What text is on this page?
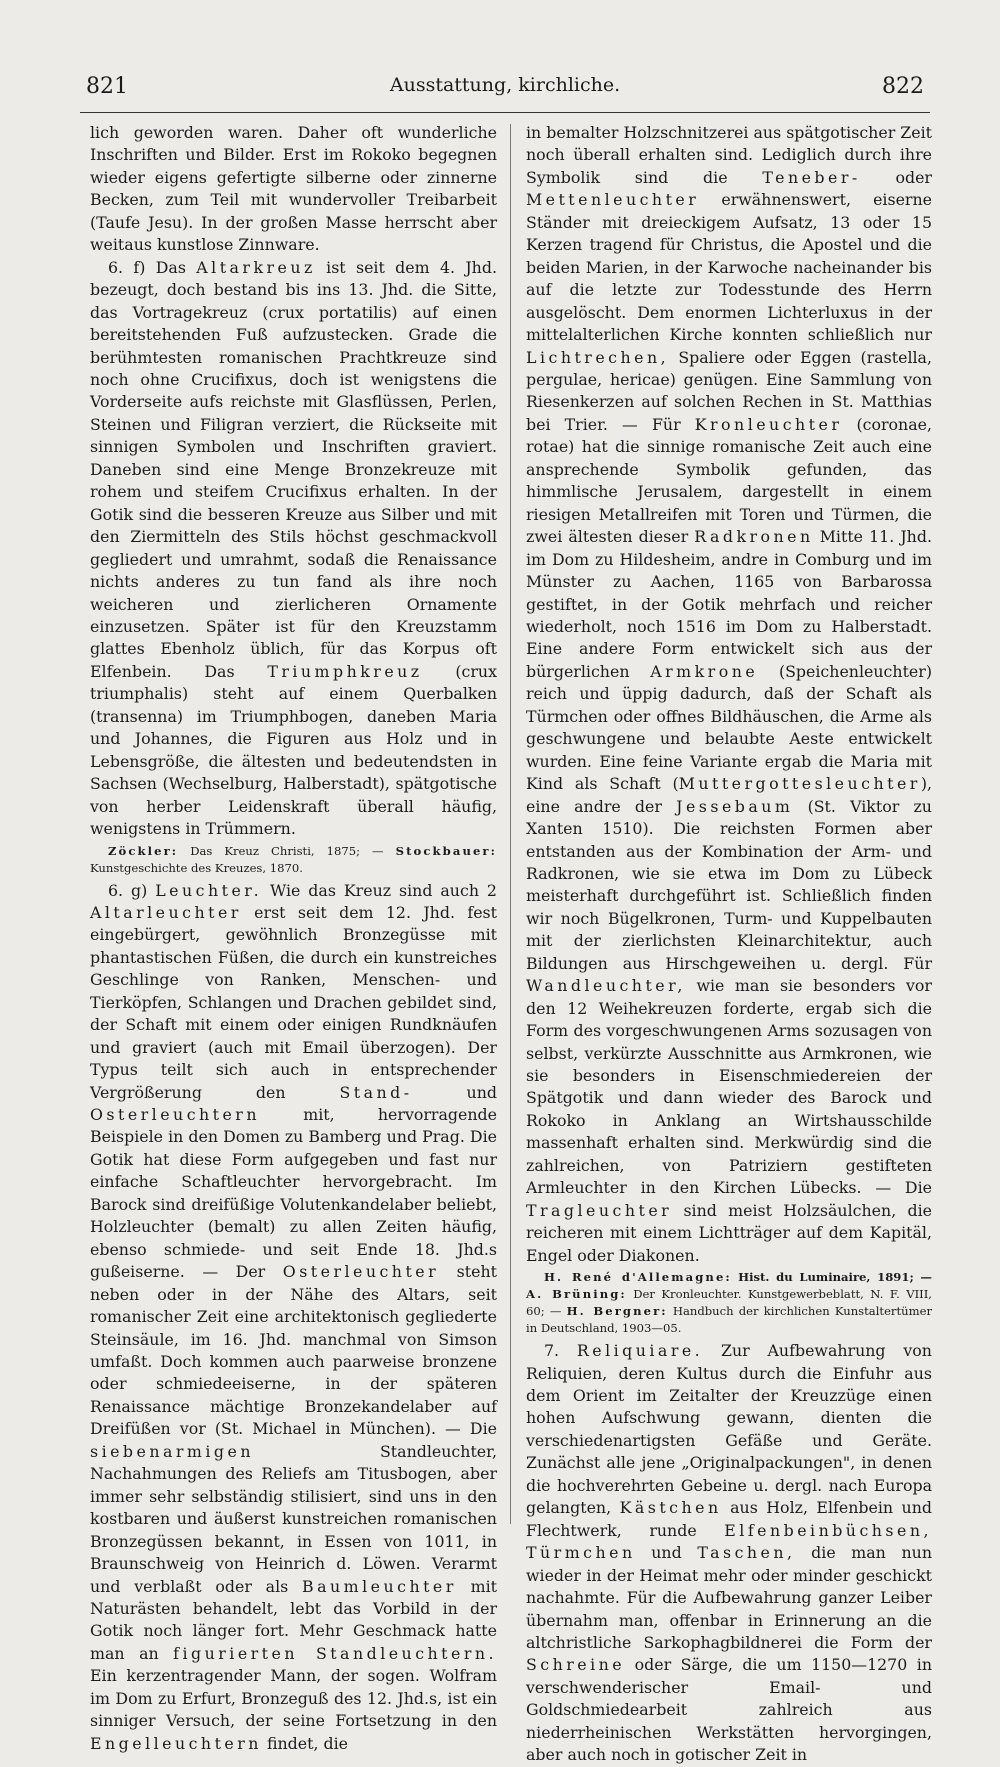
821	Ausstattung, kirchliche.	822

lich geworden waren. Daher oft wunderliche Inschriften und Bilder. Erst im Rokoko begegnen wieder eigens gefertigte silberne oder zinnerne Becken, zum Teil mit wundervoller Treibarbeit (Taufe Jesu). In der großen Masse herrscht aber weitaus kunstlose Zinnware.

6. f) Das Altarkreuz ist seit dem 4. Jhd. bezeugt, doch bestand bis ins 13. Jhd. die Sitte, das Vortragekreuz (crux portatilis) auf einen bereitstehenden Fuß aufzustecken. Grade die berühmtesten romanischen Prachtkreuze sind noch ohne Crucifixus, doch ist wenigstens die Vorderseite aufs reichste mit Glasflüssen, Perlen, Steinen und Filigran verziert, die Rückseite mit sinnigen Symbolen und Inschriften graviert. Daneben sind eine Menge Bronzekreuze mit rohem und steifem Crucifixus erhalten. In der Gotik sind die besseren Kreuze aus Silber und mit den Ziermitteln des Stils höchst geschmackvoll gegliedert und umrahmt, sodaß die Renaissance nichts anderes zu tun fand als ihre noch weicheren und zierlicheren Ornamente einzusetzen. Später ist für den Kreuzstamm glattes Ebenholz üblich, für das Korpus oft Elfenbein. Das Triumphkreuz (crux triumphalis) steht auf einem Querbalken (transenna) im Triumphbogen, daneben Maria und Johannes, die Figuren aus Holz und in Lebensgröße, die ältesten und bedeutendsten in Sachsen (Wechselburg, Halberstadt), spätgotische von herber Leidenskraft überall häufig, wenigstens in Trümmern.

Zöckler: Das Kreuz Christi, 1875; — Stockbauer: Kunstgeschichte des Kreuzes, 1870.

6. g) Leuchter. Wie das Kreuz sind auch 2 Altarleuchter erst seit dem 12. Jhd. fest eingebürgert, gewöhnlich Bronzegüsse mit phantastischen Füßen, die durch ein kunstreiches Geschlinge von Ranken, Menschen- und Tierköpfen, Schlangen und Drachen gebildet sind, der Schaft mit einem oder einigen Rundknäufen und graviert (auch mit Email überzogen). Der Typus teilt sich auch in entsprechender Vergrößerung den	Stand-	und Osterleuchtern	mit, hervorragende Beispiele in den Domen zu Bamberg und Prag. Die Gotik hat diese Form aufgegeben und fast nur einfache Schaftleuchter hervorgebracht. Im Barock sind dreifüßige Volutenkandelaber beliebt, Holzleuchter (bemalt) zu allen Zeiten häufig, ebenso schmiede- und seit Ende 18. Jhd.s gußeiserne. — Der Osterleuchter steht neben oder in der Nähe des Altars, seit romanischer Zeit eine architektonisch gegliederte Steinsäule, im 16. Jhd. manchmal von Simson umfaßt. Doch kommen auch paarweise bronzene oder schmiedeeiserne, in der späteren Renaissance mächtige Bronzekandelaber auf Dreifüßen vor (St. Michael in München). — Die siebenarmigen	Standleuchter, Nachahmungen des Reliefs am Titusbogen, aber immer sehr selbständig stilisiert, sind uns in den kostbaren und äußerst kunstreichen romanischen Bronzegüssen bekannt, in Essen von 1011, in Braunschweig von Heinrich d. Löwen. Verarmt und verblaßt oder als Baumleuchter mit Naturästen behandelt, lebt das Vorbild in der Gotik noch länger fort. Mehr Geschmack hatte man an figurierten Standleuchtern. Ein kerzentragender Mann, der sogen. Wolfram im Dom zu Erfurt, Bronzeguß des 12. Jhd.s, ist ein sinniger Versuch, der seine Fortsetzung in den Engelleuchtern findet, die

in bemalter Holzschnitzerei aus spätgotischer Zeit noch überall erhalten sind. Lediglich durch ihre Symbolik sind die Teneber- oder Mettenleuchter erwähnenswert, eiserne Ständer mit dreieckigem Aufsatz, 13 oder 15 Kerzen tragend für Christus, die Apostel und die beiden Marien, in der Karwoche nacheinander bis auf die letzte zur Todesstunde des Herrn ausgelöscht. Dem enormen Lichterluxus in der mittelalterlichen Kirche konnten schließlich nur Lichtrechen, Spaliere oder Eggen (rastella, pergulae, hericae) genügen. Eine Sammlung von Riesenkerzen auf solchen Rechen in St. Matthias bei Trier. — Für Kronleuchter (coronae, rotae) hat die sinnige romanische Zeit auch eine ansprechende Symbolik gefunden, das himmlische Jerusalem, dargestellt in einem riesigen Metallreifen mit Toren und Türmen, die zwei ältesten dieser Radkronen Mitte 11. Jhd. im Dom zu Hildesheim, andre in Comburg und im Münster zu Aachen, 1165 von Barbarossa gestiftet, in der Gotik mehrfach und reicher wiederholt, noch 1516 im Dom zu Halberstadt. Eine andere Form entwickelt sich aus der bürgerlichen Armkrone (Speichenleuchter) reich und üppig dadurch, daß der Schaft als Türmchen oder offnes Bildhäuschen, die Arme als geschwungene und belaubte Aeste entwickelt wurden. Eine feine Variante ergab die Maria mit Kind als Schaft (Muttergottesleuchter), eine andre der Jessebaum (St. Viktor zu Xanten 1510). Die reichsten Formen aber entstanden aus der Kombination der Arm- und Radkronen, wie sie etwa im Dom zu Lübeck meisterhaft durchgeführt ist. Schließlich finden wir noch Bügelkronen, Turm- und Kuppelbauten mit der zierlichsten Kleinarchitektur, auch Bildungen aus Hirschgeweihen u. dergl. Für Wandleuchter, wie man sie besonders vor den 12 Weihekreuzen forderte, ergab sich die Form des vorgeschwungenen Arms sozusagen von selbst, verkürzte Ausschnitte aus Armkronen, wie sie besonders in Eisenschmiedereien der Spätgotik und dann wieder des Barock und Rokoko in Anklang an Wirtshausschilde massenhaft erhalten sind. Merkwürdig sind die zahlreichen, von Patriziern gestifteten Armleuchter in den Kirchen Lübecks. — Die Tragleuchter sind meist Holzsäulchen, die reicheren mit einem Lichtträger auf dem Kapitäl, Engel oder Diakonen.

H. René d'Allemagne: Hist. du Luminaire, 1891; — A. Brüning: Der Kronleuchter. Kunstgewerbeblatt, N. F. VIII, 60; — H. Bergner: Handbuch der kirchlichen Kunstaltertümer in Deutschland, 1903—05.

7. Reliquiare. Zur Aufbewahrung von Reliquien, deren Kultus durch die Einfuhr aus dem Orient im Zeitalter der Kreuzzüge einen hohen Aufschwung gewann, dienten die verschiedenartigsten Gefäße und Geräte. Zunächst alle jene „Originalpackungen", in denen die hochverehrten Gebeine u. dergl. nach Europa gelangten, Kästchen aus Holz, Elfenbein und Flechtwerk, runde Elfenbeinbüchsen, Türmchen und Taschen, die man nun wieder in der Heimat mehr oder minder geschickt nachahmte. Für die Aufbewahrung ganzer Leiber übernahm man, offenbar in Erinnerung an die altchristliche Sarkophagbildnerei die Form der Schreine oder Särge, die um 1150—1270 in verschwenderischer Email- und Goldschmiedearbeit zahlreich aus niederrheinischen Werkstätten hervorgingen, aber auch noch in gotischer Zeit in
